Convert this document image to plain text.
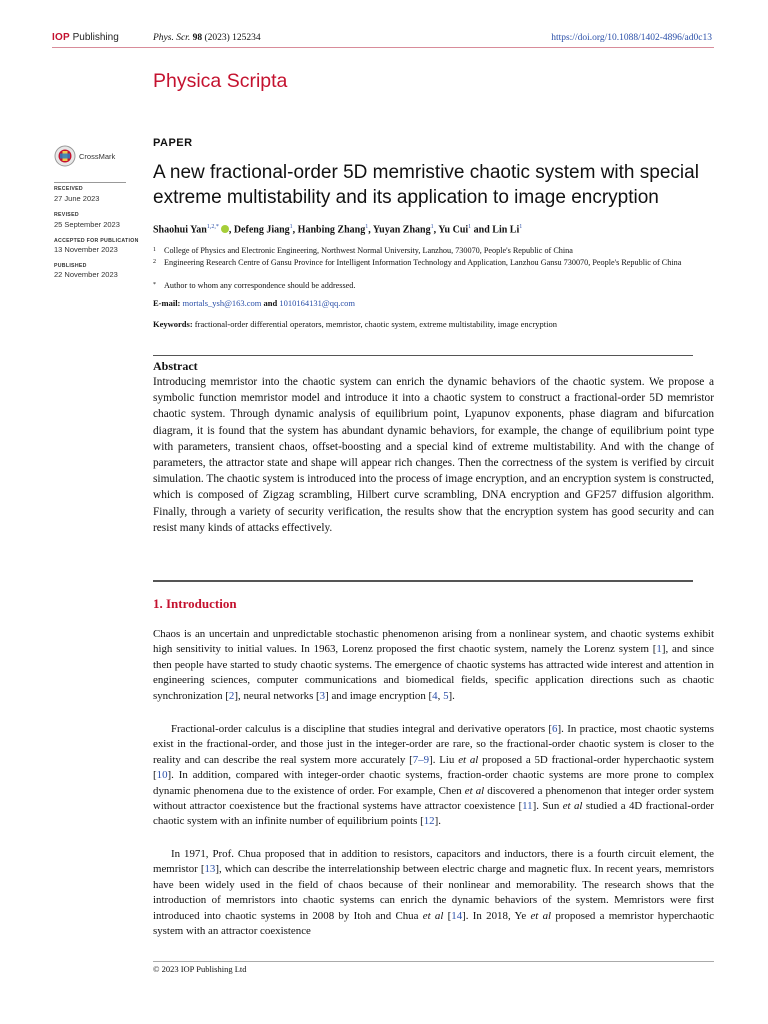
IOP Publishing	Phys. Scr. 98 (2023) 125234	https://doi.org/10.1088/1402-4896/ad0c13
Physica Scripta
CrossMark
RECEIVED
27 June 2023
REVISED
25 September 2023
ACCEPTED FOR PUBLICATION
13 November 2023
PUBLISHED
22 November 2023
PAPER
A new fractional-order 5D memristive chaotic system with special extreme multistability and its application to image encryption
Shaohui Yan$^{1,2,*}$ , Defeng Jiang$^1$, Hanbing Zhang$^1$, Yuyan Zhang$^1$, Yu Cui$^1$ and Lin Li$^1$
1 College of Physics and Electronic Engineering, Northwest Normal University, Lanzhou, 730070, People's Republic of China
2 Engineering Research Centre of Gansu Province for Intelligent Information Technology and Application, Lanzhou Gansu 730070, People's Republic of China
* Author to whom any correspondence should be addressed.
E-mail: mortals_ysh@163.com and 1010164131@qq.com
Keywords: fractional-order differential operators, memristor, chaotic system, extreme multistability, image encryption
Abstract
Introducing memristor into the chaotic system can enrich the dynamic behaviors of the chaotic system. We propose a symbolic function memristor model and introduce it into a chaotic system to construct a fractional-order 5D memristor chaotic system. Through dynamic analysis of equilibrium point, Lyapunov exponents, phase diagram and bifurcation diagram, it is found that the system has abundant dynamic behaviors, for example, the change of equilibrium point type with parameters, transient chaos, offset-boosting and a special kind of extreme multistability. And with the change of parameters, the attractor state and shape will appear rich changes. Then the correctness of the system is verified by circuit simulation. The chaotic system is introduced into the process of image encryption, and an encryption system is constructed, which is composed of Zigzag scrambling, Hilbert curve scrambling, DNA encryption and GF257 diffusion algorithm. Finally, through a variety of security verification, the results show that the encryption system has good security and can resist many kinds of attacks effectively.
1. Introduction
Chaos is an uncertain and unpredictable stochastic phenomenon arising from a nonlinear system, and chaotic systems exhibit high sensitivity to initial values. In 1963, Lorenz proposed the first chaotic system, namely the Lorenz system [1], and since then people have started to study chaotic systems. The emergence of chaotic systems has attracted wide interest and attention in engineering sciences, computer communications and biomedical fields, specific application directions such as chaotic synchronization [2], neural networks [3] and image encryption [4, 5].
Fractional-order calculus is a discipline that studies integral and derivative operators [6]. In practice, most chaotic systems exist in the fractional-order, and those just in the integer-order are rare, so the fractional-order chaotic system is closer to the reality and can describe the real system more accurately [7–9]. Liu et al proposed a 5D fractional-order hyperchaotic system [10]. In addition, compared with integer-order chaotic systems, fraction-order chaotic systems are more prone to complex dynamic phenomena due to the existence of order. For example, Chen et al discovered a phenomenon that integer order system without attractor coexistence but the fractional systems have attractor coexistence [11]. Sun et al studied a 4D fractional-order chaotic system with an infinite number of equilibrium points [12].
In 1971, Prof. Chua proposed that in addition to resistors, capacitors and inductors, there is a fourth circuit element, the memristor [13], which can describe the interrelationship between electric charge and magnetic flux. In recent years, memristors have been widely used in the field of chaos because of their nonlinear and memorability. The research shows that the introduction of memristors into chaotic systems can enrich the dynamic behaviors of the system. Memristors were first introduced into chaotic systems in 2008 by Itoh and Chua et al [14]. In 2018, Ye et al proposed a memristor hyperchaotic system with an attractor coexistence
© 2023 IOP Publishing Ltd
